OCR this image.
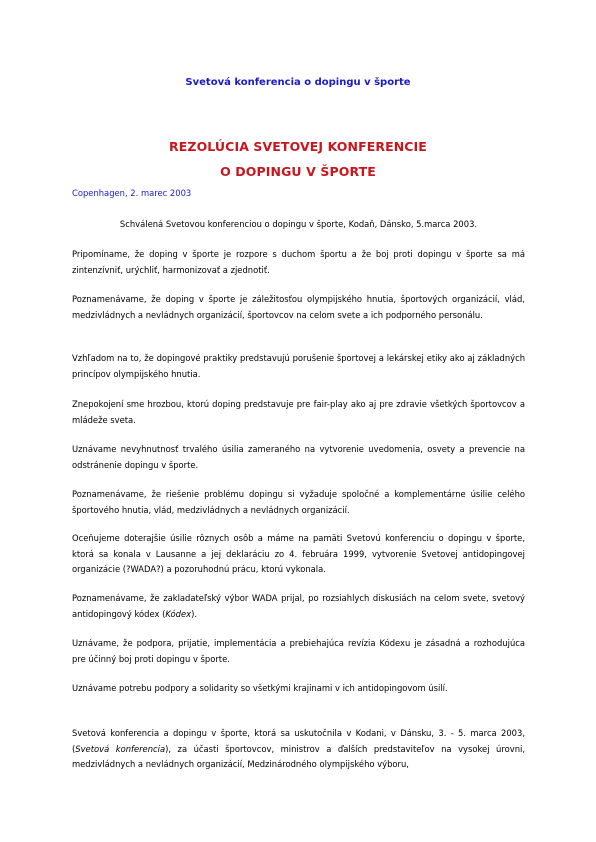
Svetová konferencia o dopingu v športe
REZOLÚCIA SVETOVEJ KONFERENCIE
O DOPINGU V ŠPORTE
Copenhagen, 2. marec 2003
Schválená Svetovou konferenciou o dopingu v športe, Kodaň, Dánsko, 5.marca 2003.
Pripomíname, že doping v športe je rozpore s duchom športu a že boj proti dopingu v športe sa má zintenzívniť, urýchliť, harmonizovať a zjednotiť.
Poznamenávame, že doping v športe je záležitosťou olympijského hnutia, športových organizácií, vlád, medzivládnych a nevládnych organizácií, športovcov na celom svete a ich podporného personálu.
Vzhľadom na to, že dopingové praktiky predstavujú porušenie športovej a lekárskej etiky ako aj základných princípov olympijského hnutia.
Znepokojení sme hrozbou, ktorú doping predstavuje pre fair-play ako aj pre zdravie všetkých športovcov a mládeže sveta.
Uznávame nevyhnutnosť trvalého úsilia zameraného na vytvorenie uvedomenia, osvety a prevencie na odstránenie dopingu v športe.
Poznamenávame, že riešenie problému dopingu si vyžaduje spoločné a komplementárne úsilie celého športového hnutia, vlád, medzivládnych a nevládnych organizácií.
Oceňujeme doterajšie úsilie rôznych osôb a máme na pamäti Svetovú konferenciu o dopingu v športe, ktorá sa konala v Lausanne a jej deklaráciu zo 4. februára 1999, vytvorenie Svetovej antidopingovej organizácie (?WADA?) a pozoruhodnú prácu, ktorú vykonala.
Poznamenávame, že zakladateľský výbor WADA prijal, po rozsiahlych diskusiách na celom svete, svetový antidopingový kódex (Kódex).
Uznávame, že podpora, prijatie, implementácia a prebiehajúca revízia Kódexu je zásadná a rozhodujúca pre účinný boj proti dopingu v športe.
Uznávame potrebu podpory a solidarity so všetkými krajinami v ich antidopingovom úsilí.
Svetová konferencia a dopingu v športe, ktorá sa uskutočnila v Kodani, v Dánsku, 3. - 5. marca 2003, (Svetová konferencia), za účasti športovcov, ministrov a ďalších predstaviteľov na vysokej úrovni, medzivládnych a nevládnych organizácií, Medzinárodného olympijského výboru,
